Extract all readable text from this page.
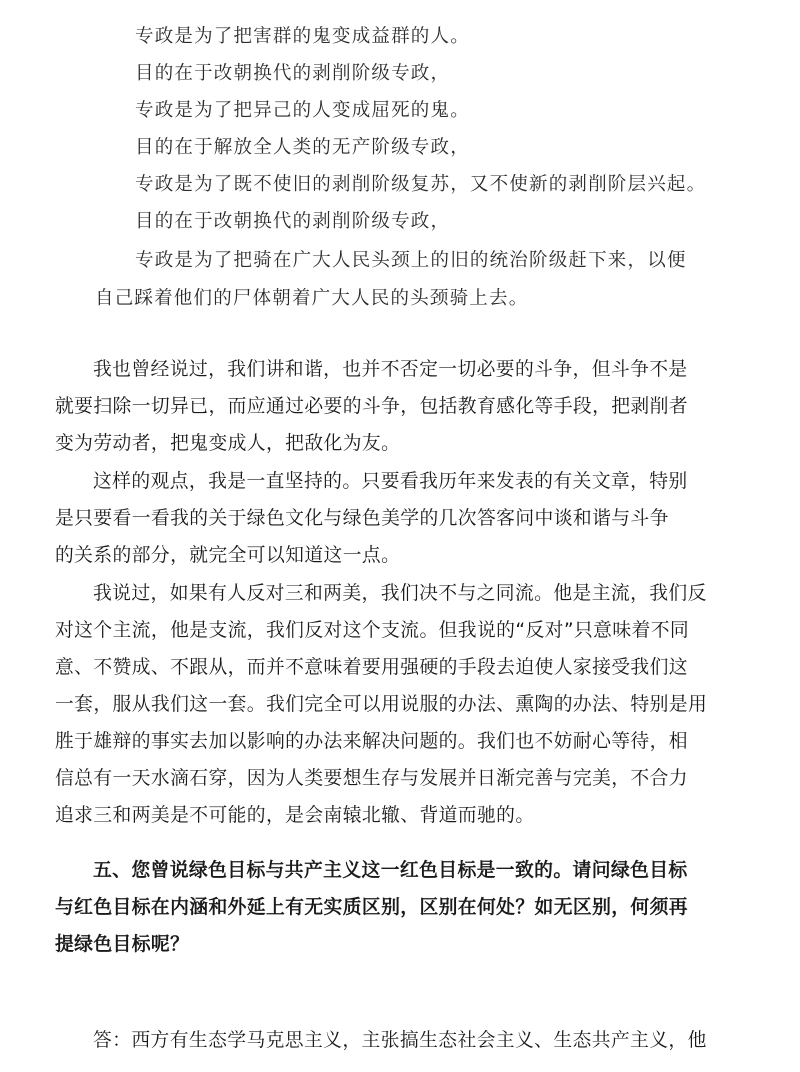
专政是为了把害群的鬼变成益群的人。
目的在于改朝换代的剥削阶级专政，
专政是为了把异己的人变成屈死的鬼。
目的在于解放全人类的无产阶级专政，
专政是为了既不使旧的剥削阶级复苏，又不使新的剥削阶层兴起。
目的在于改朝换代的剥削阶级专政，
专政是为了把骑在广大人民头颈上的旧的统治阶级赶下来，以便
自己踩着他们的尸体朝着广大人民的头颈骑上去。
我也曾经说过，我们讲和谐，也并不否定一切必要的斗争，但斗争不是
就要扫除一切异已，而应通过必要的斗争，包括教育感化等手段，把剥削者
变为劳动者，把鬼变成人，把敌化为友。
这样的观点，我是一直坚持的。只要看我历年来发表的有关文章，特别
是只要看一看我的关于绿色文化与绿色美学的几次答客问中谈和谐与斗争
的关系的部分，就完全可以知道这一点。
我说过，如果有人反对三和两美，我们决不与之同流。他是主流，我们反
对这个主流，他是支流，我们反对这个支流。但我说的“反对”只意味着不同
意、不赞成、不跟从，而并不意味着要用强硬的手段去迫使人家接受我们这
一套，服从我们这一套。我们完全可以用说服的办法、熏陶的办法、特别是用
胜于雄辩的事实去加以影响的办法来解决问题的。我们也不妨耐心等待，相
信总有一天水滴石穿，因为人类要想生存与发展并日渐完善与完美，不合力
追求三和两美是不可能的，是会南辕北辙、背道而驰的。
五、您曾说绿色目标与共产主义这一红色目标是一致的。请问绿色目标
与红色目标在内涵和外延上有无实质区别，区别在何处？如无区别，何须再
提绿色目标呢？
答：西方有生态学马克思主义，主张搞生态社会主义、生态共产主义，他
